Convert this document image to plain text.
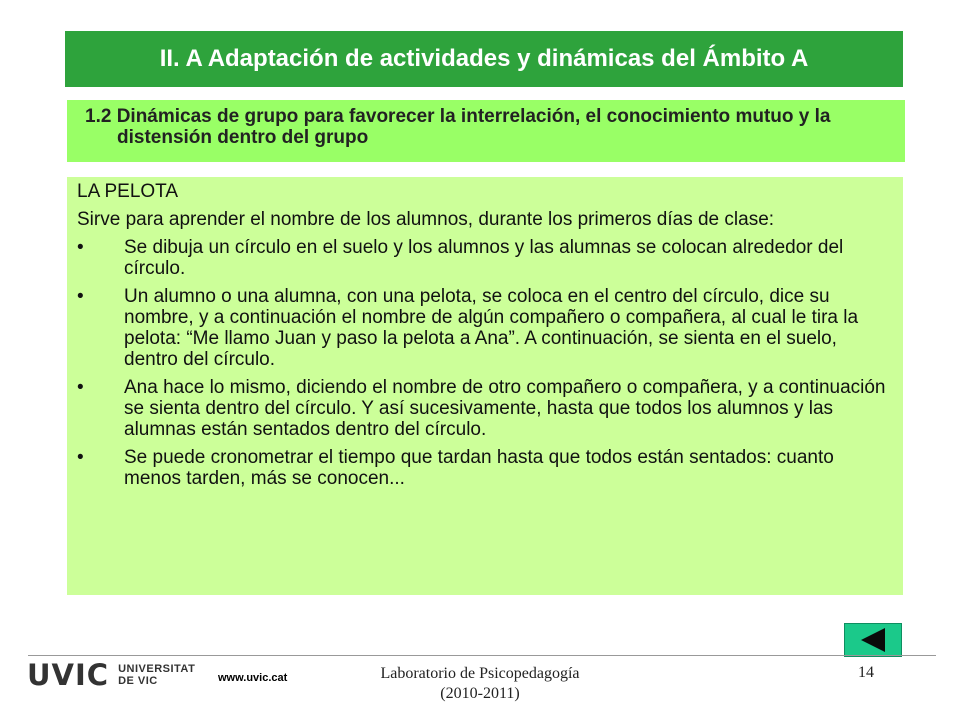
II. A Adaptación de actividades y dinámicas del Ámbito A

1.2 Dinámicas de grupo para favorecer la interrelación, el conocimiento mutuo y la distensión dentro del grupo

LA PELOTA

Sirve para aprender el nombre de los alumnos, durante los primeros días de clase:

•	Se dibuja un círculo en el suelo y los alumnos y las alumnas se colocan alrededor del círculo.
•	Un alumno o una alumna, con una pelota, se coloca en el centro del círculo, dice su nombre, y a continuación el nombre de algún compañero o compañera, al cual le tira la pelota: “Me llamo Juan y paso la pelota a Ana”. A continuación, se sienta en el suelo, dentro del círculo.
•	Ana hace lo mismo, diciendo el nombre de otro compañero o compañera, y a continuación se sienta dentro del círculo. Y así sucesivamente, hasta que todos los alumnos y las alumnas están sentados dentro del círculo.
•	Se puede cronometrar el tiempo que tardan hasta que todos están sentados: cuanto menos tarden, más se conocen...
UVIC UNIVERSITAT
DE VIC	www.uvic.cat	Laboratorio de Psicopedagogía
(2010-2011)
14
